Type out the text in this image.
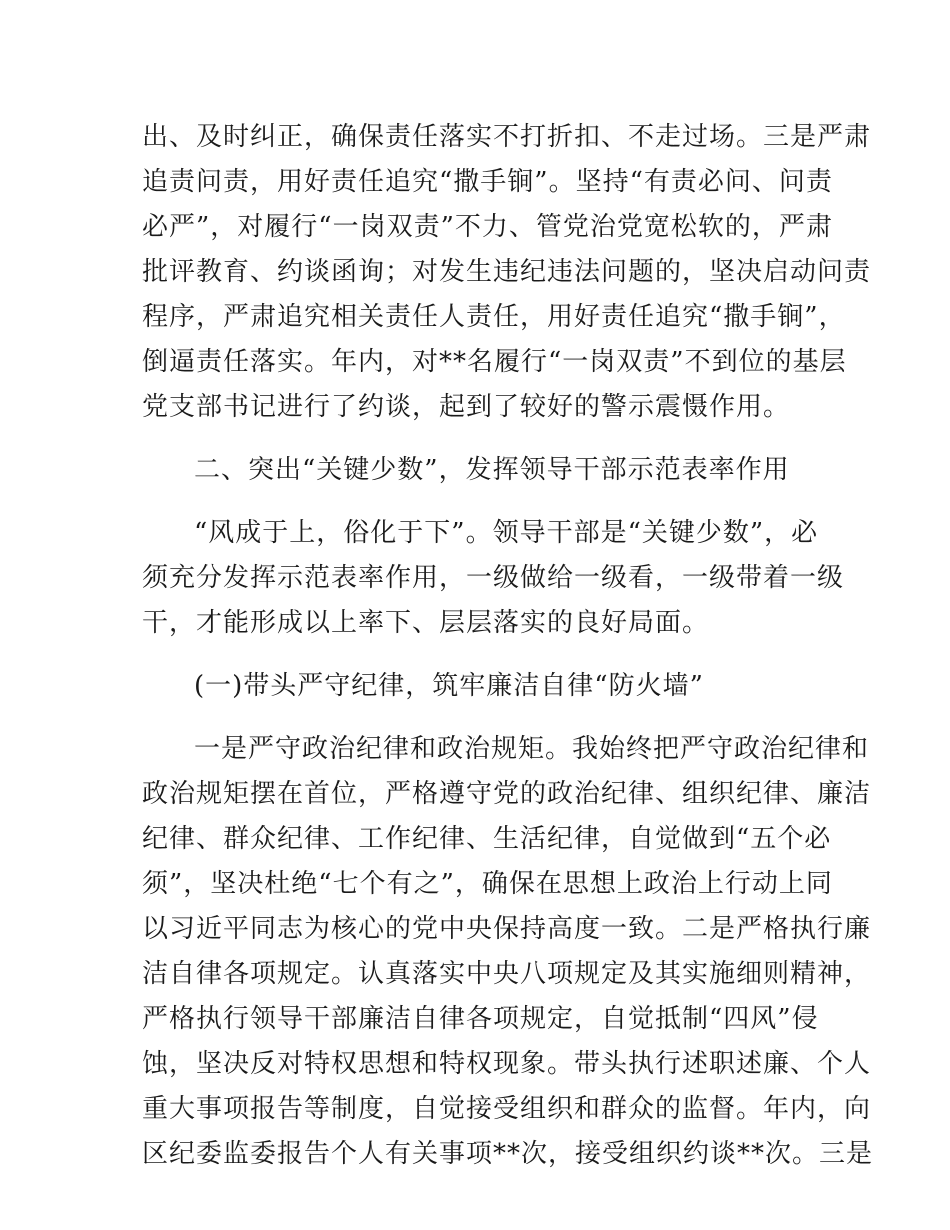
出、及时纠正，确保责任落实不打折扣、不走过场。三是严肃
追责问责，用好责任追究“撒手锏”。坚持“有责必问、问责
必严”，对履行“一岗双责”不力、管党治党宽松软的，严肃
批评教育、约谈函询；对发生违纪违法问题的，坚决启动问责
程序，严肃追究相关责任人责任，用好责任追究“撒手锏”，
倒逼责任落实。年内，对**名履行“一岗双责”不到位的基层
党支部书记进行了约谈，起到了较好的警示震慑作用。
二、突出“关键少数”，发挥领导干部示范表率作用
“风成于上，俗化于下”。领导干部是“关键少数”，必
须充分发挥示范表率作用，一级做给一级看，一级带着一级
干，才能形成以上率下、层层落实的良好局面。
(一)带头严守纪律，筑牢廉洁自律“防火墙”
一是严守政治纪律和政治规矩。我始终把严守政治纪律和
政治规矩摆在首位，严格遵守党的政治纪律、组织纪律、廉洁
纪律、群众纪律、工作纪律、生活纪律，自觉做到“五个必
须”，坚决杜绝“七个有之”，确保在思想上政治上行动上同
以习近平同志为核心的党中央保持高度一致。二是严格执行廉
洁自律各项规定。认真落实中央八项规定及其实施细则精神，
严格执行领导干部廉洁自律各项规定，自觉抵制“四风”侵
蚀，坚决反对特权思想和特权现象。带头执行述职述廉、个人
重大事项报告等制度，自觉接受组织和群众的监督。年内，向
区纪委监委报告个人有关事项**次，接受组织约谈**次。三是
